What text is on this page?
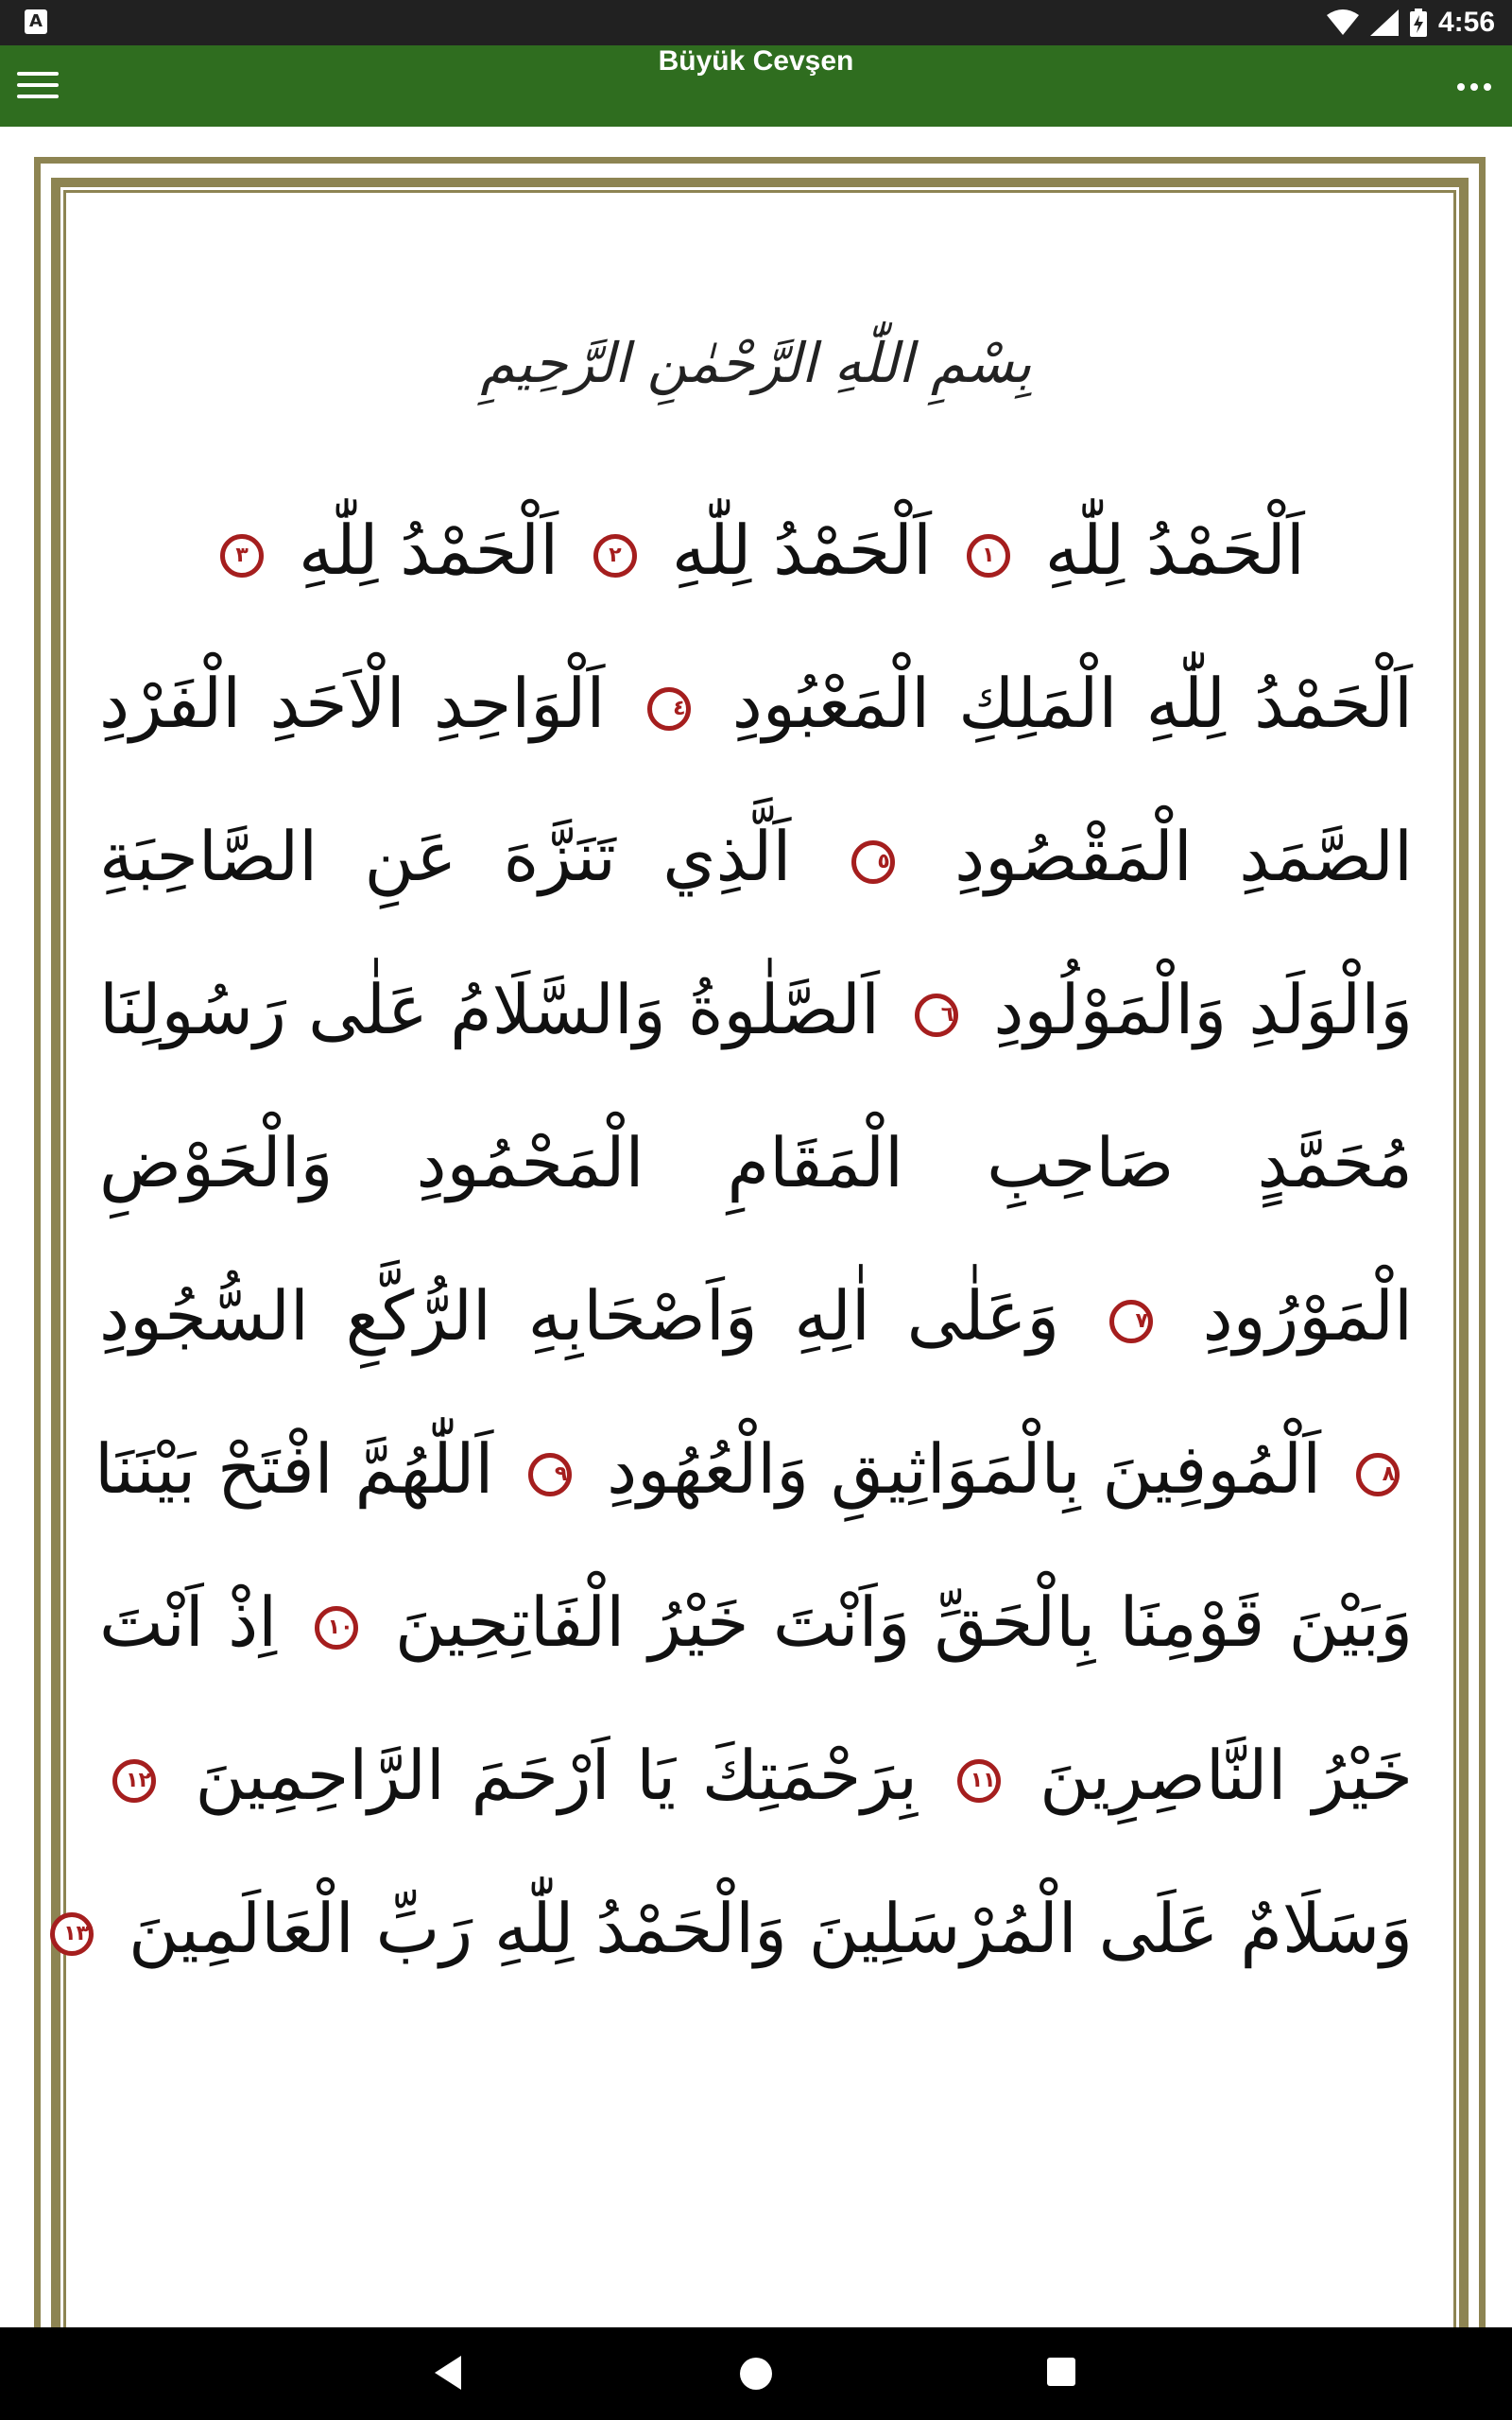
A	4:56
Büyük Cevşen
بِسْمِ اللّٰهِ الرَّحْمٰنِ الرَّحِيمِ
اَلْحَمْدُ لِلّٰهِ ١ اَلْحَمْدُ لِلّٰهِ ٢ اَلْحَمْدُ لِلّٰهِ ٣
اَلْحَمْدُ لِلّٰهِ الْمَلِكِ الْمَعْبُودِ ٤ اَلْوَاحِدِ الْاَحَدِ الْفَرْدِ
الصَّمَدِ الْمَقْصُودِ ٥ اَلَّذِي تَنَزَّهَ عَنِ الصَّاحِبَةِ
وَالْوَلَدِ وَالْمَوْلُودِ ٦ اَلصَّلٰوةُ وَالسَّلَامُ عَلٰى رَسُولِنَا
مُحَمَّدٍ صَاحِبِ الْمَقَامِ الْمَحْمُودِ وَالْحَوْضِ
الْمَوْرُودِ ٧ وَعَلٰى اٰلِهِ وَاَصْحَابِهِ الرُّكَّعِ السُّجُودِ
٨ اَلْمُوفِينَ بِالْمَوَاثِيقِ وَالْعُهُودِ ٩ اَللّٰهُمَّ افْتَحْ بَيْنَنَا
وَبَيْنَ قَوْمِنَا بِالْحَقِّ وَاَنْتَ خَيْرُ الْفَاتِحِينَ ١٠ اِذْ اَنْتَ
خَيْرُ النَّاصِرِينَ ١١ بِرَحْمَتِكَ يَا اَرْحَمَ الرَّاحِمِينَ ١٢
وَسَلَامٌ عَلَى الْمُرْسَلِينَ وَالْحَمْدُ لِلّٰهِ رَبِّ الْعَالَمِينَ ١٣
